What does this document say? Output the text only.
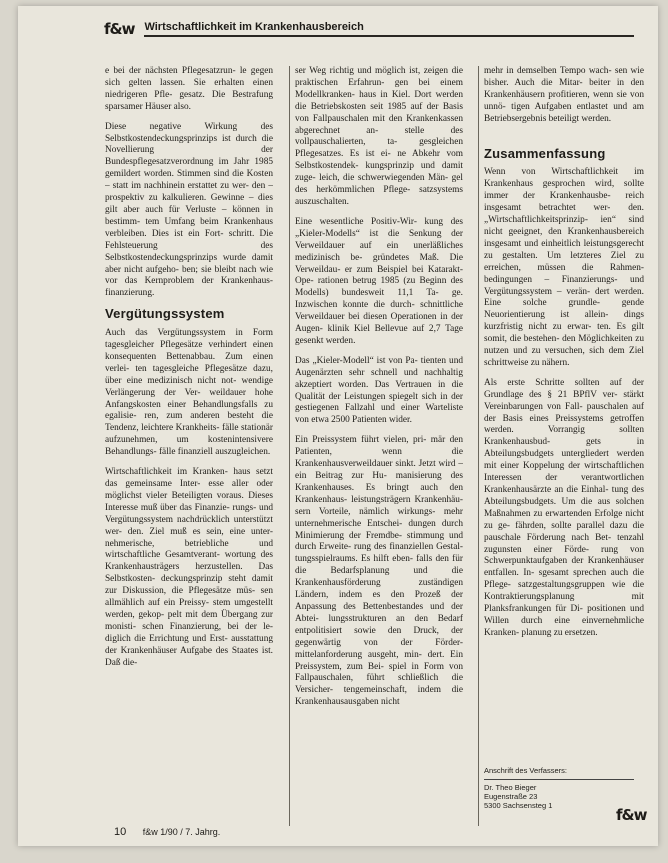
f&w Wirtschaftlichkeit im Krankenhausbereich

e bei der nächsten Pflegesatzrun- le gegen sich gelten lassen. Sie erhalten einen niedrigeren Pfle- gesatz. Die Bestrafung sparsamer Häuser also.

Diese negative Wirkung des Selbstkostendeckungsprinzips ist durch die Novellierung der Bundespflegesatzverordnung im Jahr 1985 gemildert worden. Stimmen sind die Kosten – statt im nachhinein erstattet zu wer- den – prospektiv zu kalkulieren. Gewinne – dies gilt aber auch für Verluste – können in bestimm- tem Umfang beim Krankenhaus verbleiben. Dies ist ein Fort- schritt. Die Fehlsteuerung des Selbstkostendeckungsprinzips wurde damit aber nicht aufgeho- ben; sie bleibt nach wie vor das Kernproblem der Krankenhaus- finanzierung.

Vergütungssystem

Auch das Vergütungssystem in Form tagesgleicher Pflegesätze verhindert einen konsequenten Bettenabbau. Zum einen verlei- ten tagesgleiche Pflegesätze dazu, über eine medizinisch nicht not- wendige Verlängerung der Ver- weildauer hohe Anfangskosten einer Behandlungsfalls zu egalisie- ren, zum anderen besteht die Tendenz, leichtere Krankheits- fälle stationär aufzunehmen, um kostenintensivere Behandlungs- fälle finanziell auszugleichen.

Wirtschaftlichkeit im Kranken- haus setzt das gemeinsame Inter- esse aller oder möglichst vieler Beteiligten voraus. Dieses Interesse muß über das Finanzie- rungs- und Vergütungssystem nachdrücklich unterstützt wer- den. Ziel muß es sein, eine unter- nehmerische, betriebliche und wirtschaftliche Gesamtverant- wortung des Krankenhausträgers herzustellen. Das Selbstkosten- deckungsprinzip steht damit zur Diskussion, die Pflegesätze müs- sen allmählich auf ein Preissy- stem umgestellt werden, gekop- pelt mit dem Übergang zur monisti- schen Finanzierung, bei der le- diglich die Errichtung und Erst- ausstattung der Krankenhäuser Aufgabe des Staates ist. Daß die-

ser Weg richtig und möglich ist, zeigen die praktischen Erfahrun- gen bei einem Modellkranken- haus in Kiel. Dort werden die Betriebskosten seit 1985 auf der Basis von Fallpauschalen mit den Krankenkassen abgerechnet an- stelle des vollpauschalierten, ta- gesgleichen Pflegesatzes. Es ist ei- ne Abkehr vom Selbstkostendek- kungsprinzip und damit zuge- leich, die schwerwiegenden Män- gel des herkömmlichen Pflege- satzsystems auszuschalten.

Eine wesentliche Positiv-Wir- kung des „Kieler-Modells“ ist die Senkung der Verweildauer auf ein unerläßliches medizinisch be- gründetes Maß. Die Verweildau- er zum Beispiel bei Katarakt-Ope- rationen betrug 1985 (zu Beginn des Modells) bundesweit 11,1 Ta- ge. Inzwischen konnte die durch- schnittliche Verweildauer bei diesen Operationen in der Augen- klinik Kiel Bellevue auf 2,7 Tage gesenkt werden.

Das „Kieler-Modell“ ist von Pa- tienten und Augenärzten sehr schnell und nachhaltig akzeptiert worden. Das Vertrauen in die Qualität der Leistungen spiegelt sich in der gestiegenen Fallzahl und einer Warteliste von etwa 2500 Patienten wider.

Ein Preissystem führt vielen, pri- mär den Patienten, wenn die Krankenhausverweildauer sinkt. Jetzt wird – ein Beitrag zur Hu- manisierung des Krankenhauses. Es bringt auch den Krankenhaus- leistungsträgern Krankenhäu- sern Vorteile, nämlich wirkungs- mehr unternehmerische Entschei- dungen durch Minimierung der Fremdbe- stimmung und durch Erweite- rung des finanziellen Gestal- tungsspielraums. Es hilft eben- falls den für die Bedarfsplanung und die Krankenhausförderung zuständigen Ländern, indem es den Prozeß der Anpassung des Bettenbestandes und der Abtei- lungsstrukturen an den Bedarf entpolitisiert sowie den Druck, der gegenwärtig von der Förder- mittelanforderung ausgeht, min- dert. Ein Preissystem, zum Bei- spiel in Form von Fallpauschalen, führt schließlich die Versicher- tengemeinschaft, indem die Krankenhausausgaben nicht

mehr in demselben Tempo wach- sen wie bisher. Auch die Mitar- beiter in den Krankenhäusern profitieren, wenn sie von unnö- tigen Aufgaben entlastet und am Betriebsergebnis beteiligt werden.

Zusammenfassung

Wenn von Wirtschaftlichkeit im Krankenhaus gesprochen wird, sollte immer der Krankenhausbe- reich insgesamt betrachtet wer- den. „Wirtschaftlichkeitsprinzip- ien“ sind nicht geeignet, den Krankenhausbereich insgesamt und einheitlich leistungsgerecht zu gestalten. Um letzteres Ziel zu erreichen, müssen die Rahmen- bedingungen – Finanzierungs- und Vergütungssystem – verän- dert werden. Eine solche grundle- gende Neuorientierung ist allein- dings kurzfristig nicht zu erwar- ten. Es gilt somit, die bestehen- den Möglichkeiten zu nutzen und zu versuchen, sich dem Ziel schrittweise zu nähern.

Als erste Schritte sollten auf der Grundlage des § 21 BPflV ver- stärkt Vereinbarungen von Fall- pauschalen auf der Basis eines Preissystems getroffen werden. Vorrangig sollten Krankenhausbud- gets in Abteilungsbudgets untergliedert werden mit einer Koppelung der wirtschaftlichen Interessen der verantwortlichen Krankenhausärzte an die Einhal- tung des Abteilungsbudgets. Um die aus solchen Maßnahmen zu erwartenden Erfolge nicht zu ge- fährden, sollte parallel dazu die pauschale Förderung nach Bet- tenzahl zugunsten einer Förde- rung von Schwerpunktaufgaben der Krankenhäuser entfallen. In- sgesamt sprechen auch die Pflege- satzgestaltungsgruppen wie die Kontraktierungsplanung mit Planksfrankungen für Di- positionen und Willen durch eine einvernehmliche Kranken- planung zu ersetzen.

Anschrift des Verfassers:
Dr. Theo Bieger
Eugenstraße 23
5300 Sachsensteg 1
f&w
10 f&w 1/90 / 7. Jahrg.
